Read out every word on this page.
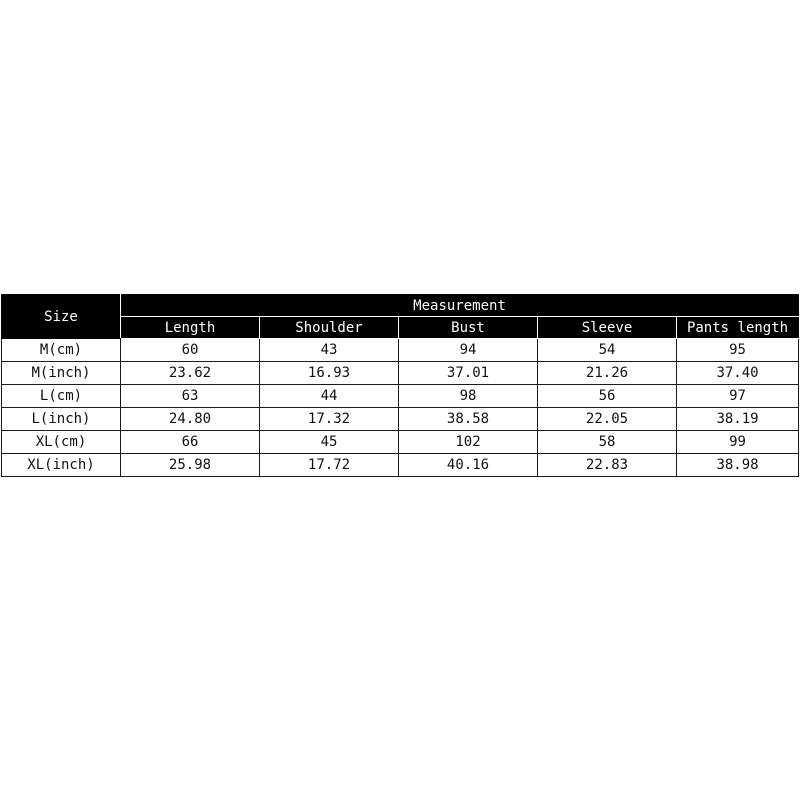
Size	Measurement				
	Length	Shoulder	Bust	Sleeve	Pants length
M(cm)	60	43	94	54	95
M(inch)	23.62	16.93	37.01	21.26	37.40
L(cm)	63	44	98	56	97
L(inch)	24.80	17.32	38.58	22.05	38.19
XL(cm)	66	45	102	58	99
XL(inch)	25.98	17.72	40.16	22.83	38.98
